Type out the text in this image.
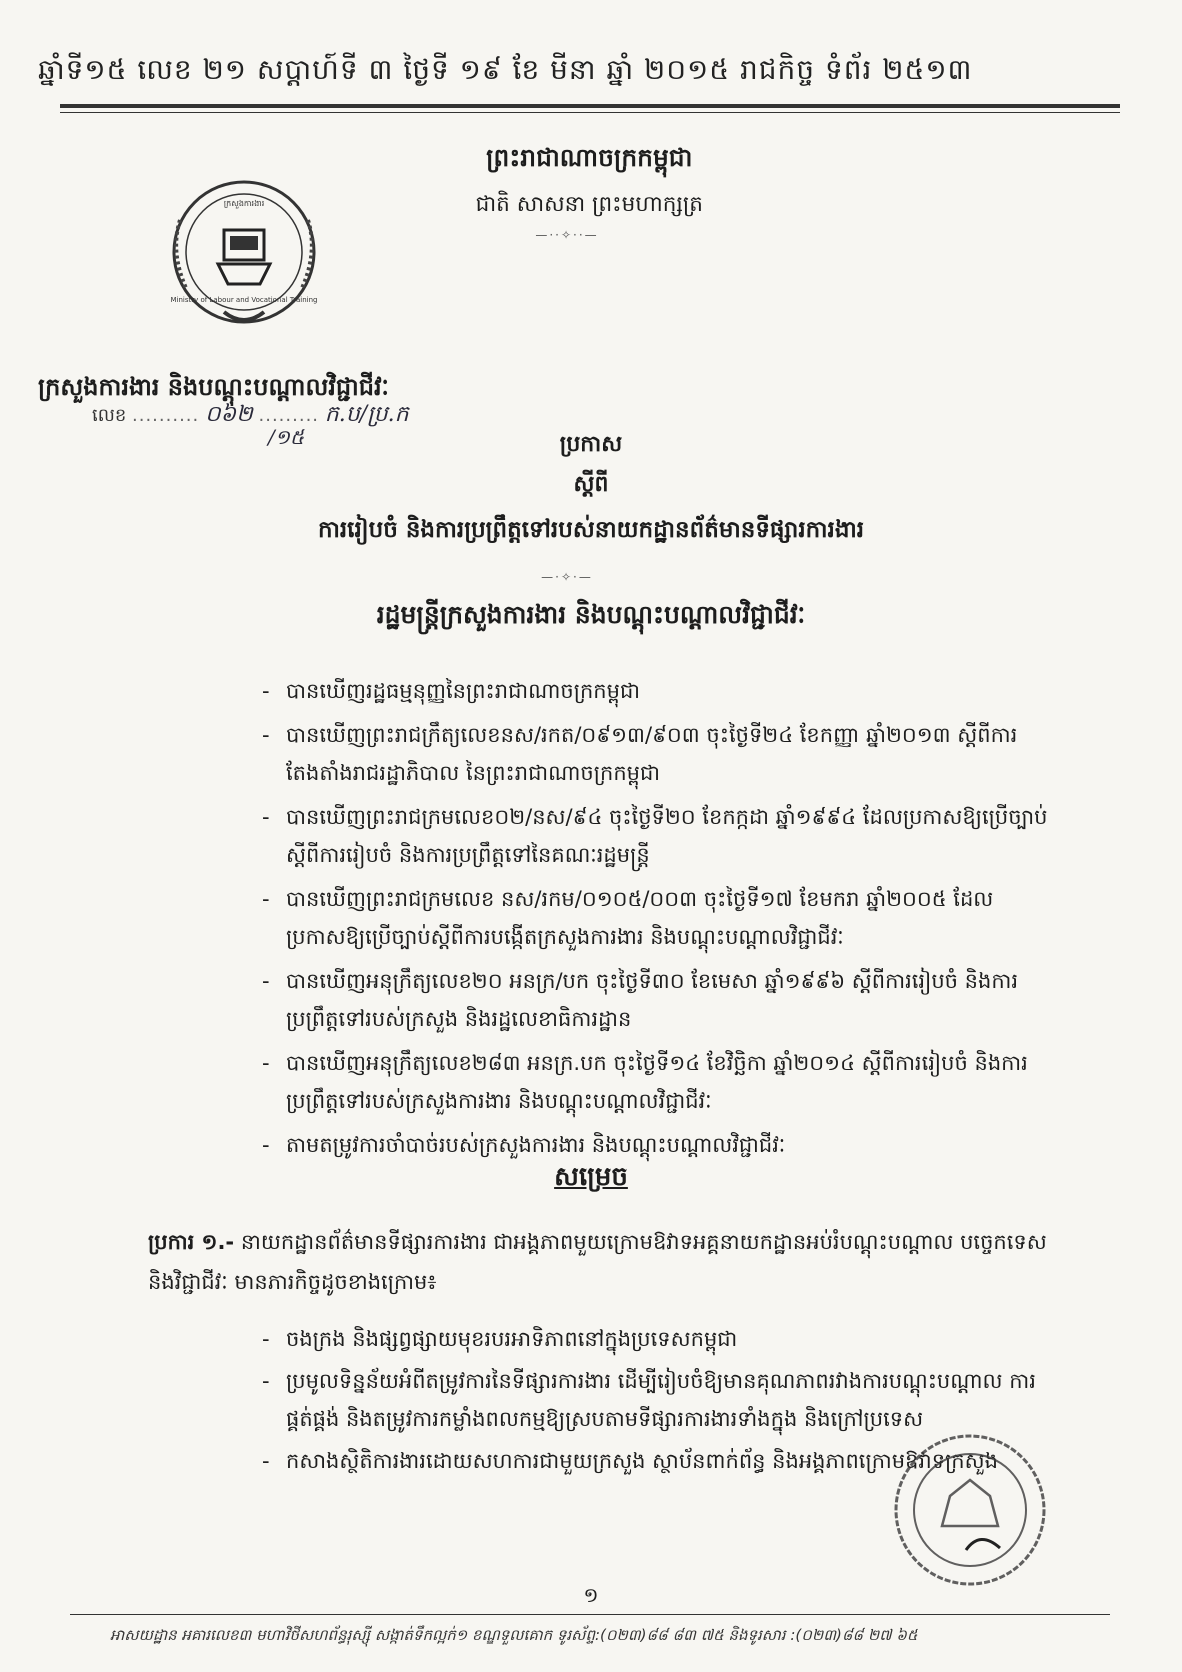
ឆ្នាំទី១៥ លេខ ២១ សប្តាហ៍ទី ៣ ថ្ងៃទី ១៩ ខែ មីនា ឆ្នាំ ២០១៥ រាជកិច្ច ទំព័រ ២៥១៣
ព្រះរាជាណាចក្រកម្ពុជា
ជាតិ សាសនា ព្រះមហាក្សត្រ
—··✧··—
ក្រសួងការងារ
Ministry of Labour and Vocational Training
ក្រសួងការងារ និងបណ្តុះបណ្តាលវិជ្ជាជីវៈ
លេខ .......... ០៦២ ......... ក.ប/ប្រ.ក
/១៥	ប្រកាស
ស្តីពី
ការរៀបចំ និងការប្រព្រឹត្តទៅរបស់នាយកដ្ឋានព័ត៌មានទីផ្សារការងារ
—·✧·—
រដ្ឋមន្ត្រីក្រសួងការងារ និងបណ្តុះបណ្តាលវិជ្ជាជីវៈ
- បានឃើញរដ្ឋធម្មនុញ្ញនៃព្រះរាជាណាចក្រកម្ពុជា
- បានឃើញព្រះរាជក្រឹត្យលេខនស/រកត/០៩១៣/៩០៣ ចុះថ្ងៃទី២៤ ខែកញ្ញា ឆ្នាំ២០១៣ ស្តីពីការតែងតាំងរាជរដ្ឋាភិបាល នៃព្រះរាជាណាចក្រកម្ពុជា
- បានឃើញព្រះរាជក្រមលេខ០២/នស/៩៤ ចុះថ្ងៃទី២០ ខែកក្កដា ឆ្នាំ១៩៩៤ ដែលប្រកាសឱ្យប្រើច្បាប់ស្តីពីការរៀបចំ និងការប្រព្រឹត្តទៅនៃគណៈរដ្ឋមន្ត្រី
- បានឃើញព្រះរាជក្រមលេខ នស/រកម/០១០៥/០០៣ ចុះថ្ងៃទី១៧ ខែមករា ឆ្នាំ២០០៥ ដែលប្រកាសឱ្យប្រើច្បាប់ស្តីពីការបង្កើតក្រសួងការងារ និងបណ្តុះបណ្តាលវិជ្ជាជីវៈ
- បានឃើញអនុក្រឹត្យលេខ២០ អនក្រ/បក ចុះថ្ងៃទី៣០ ខែមេសា ឆ្នាំ១៩៩៦ ស្តីពីការរៀបចំ និងការប្រព្រឹត្តទៅរបស់ក្រសួង និងរដ្ឋលេខាធិការដ្ឋាន
- បានឃើញអនុក្រឹត្យលេខ២៨៣ អនក្រ.បក ចុះថ្ងៃទី១៤ ខែវិច្ឆិកា ឆ្នាំ២០១៤ ស្តីពីការរៀបចំ និងការប្រព្រឹត្តទៅរបស់ក្រសួងការងារ និងបណ្តុះបណ្តាលវិជ្ជាជីវៈ
- តាមតម្រូវការចាំបាច់របស់ក្រសួងការងារ និងបណ្តុះបណ្តាលវិជ្ជាជីវៈ
សម្រេច
ប្រការ ១.- នាយកដ្ឋានព័ត៌មានទីផ្សារការងារ ជាអង្គភាពមួយក្រោមឱវាទអគ្គនាយកដ្ឋានអប់រំបណ្តុះបណ្តាល បច្ចេកទេស និងវិជ្ជាជីវៈ មានភារកិច្ចដូចខាងក្រោម៖
- ចងក្រង និងផ្សព្វផ្សាយមុខរបរអាទិភាពនៅក្នុងប្រទេសកម្ពុជា
- ប្រមូលទិន្នន័យអំពីតម្រូវការនៃទីផ្សារការងារ ដើម្បីរៀបចំឱ្យមានគុណភាពរវាងការបណ្តុះបណ្តាល ការផ្គត់ផ្គង់ និងតម្រូវការកម្លាំងពលកម្មឱ្យស្របតាមទីផ្សារការងារទាំងក្នុង និងក្រៅប្រទេស
- កសាងស្ថិតិការងារដោយសហការជាមួយក្រសួង ស្ថាប័នពាក់ព័ន្ធ និងអង្គភាពក្រោមឱវាទក្រសួង
១
អាសយដ្ឋាន អគារលេខ៣ មហាវិថីសហព័ន្ធរុស្ស៊ី សង្កាត់ទឹកល្អក់១ ខណ្ឌទួលគោក ទូរស័ព្ទ:(០២៣)៨៨ ៨៣ ៧៥ និងទូរសារ :(០២៣)៨៨ ២៧ ៦៥
